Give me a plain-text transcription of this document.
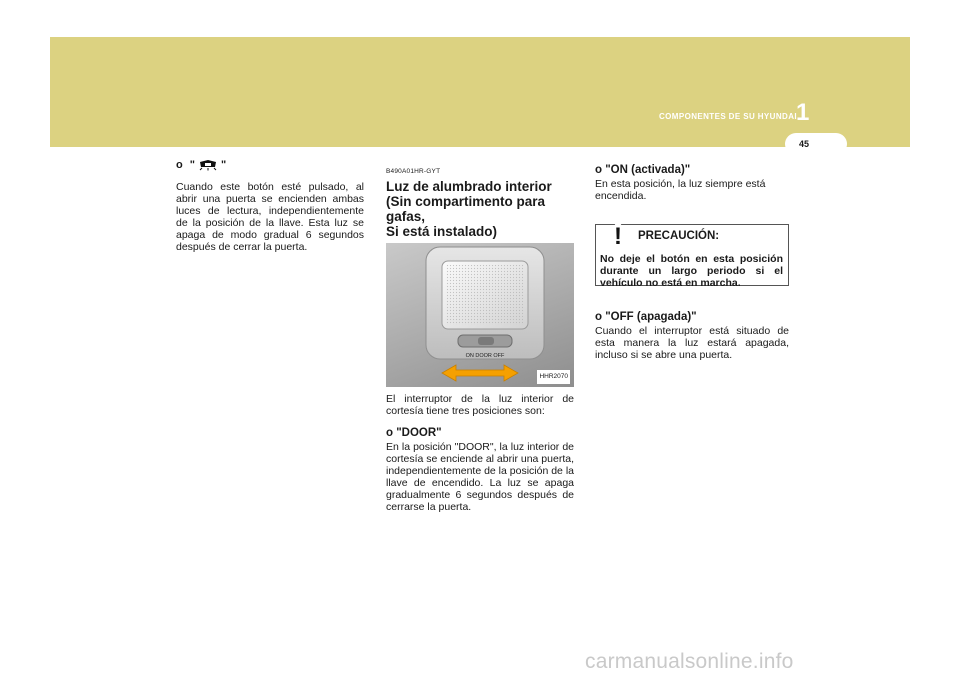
COMPONENTES DE SU HYUNDAI 1
45
o " "
Cuando este botón esté pulsado, al abrir una puerta se encienden ambas luces de lectura, independientemente de la posición de la llave. Esta luz se apaga de modo gradual 6 segundos después de cerrar la puerta.
B490A01HR-GYT
Luz de alumbrado interior
(Sin compartimento para gafas,
Si está instalado)
ON DOOR OFF
HHR2070
El interruptor de la luz interior de cortesía tiene tres posiciones son:
o "DOOR"
En la posición "DOOR", la luz interior de cortesía se enciende al abrir una puerta, independientemente de la posición de la llave de encendido. La luz se apaga gradualmente 6 segundos después de cerrarse la puerta.
o "ON (activada)"
En esta posición, la luz siempre está encendida.
! PRECAUCIÓN:
No deje el botón en esta posición durante un largo periodo si el vehículo no está en marcha.
o "OFF (apagada)"
Cuando el interruptor está situado de esta manera la luz estará apagada, incluso si se abre una puerta.
carmanualsonline.info
